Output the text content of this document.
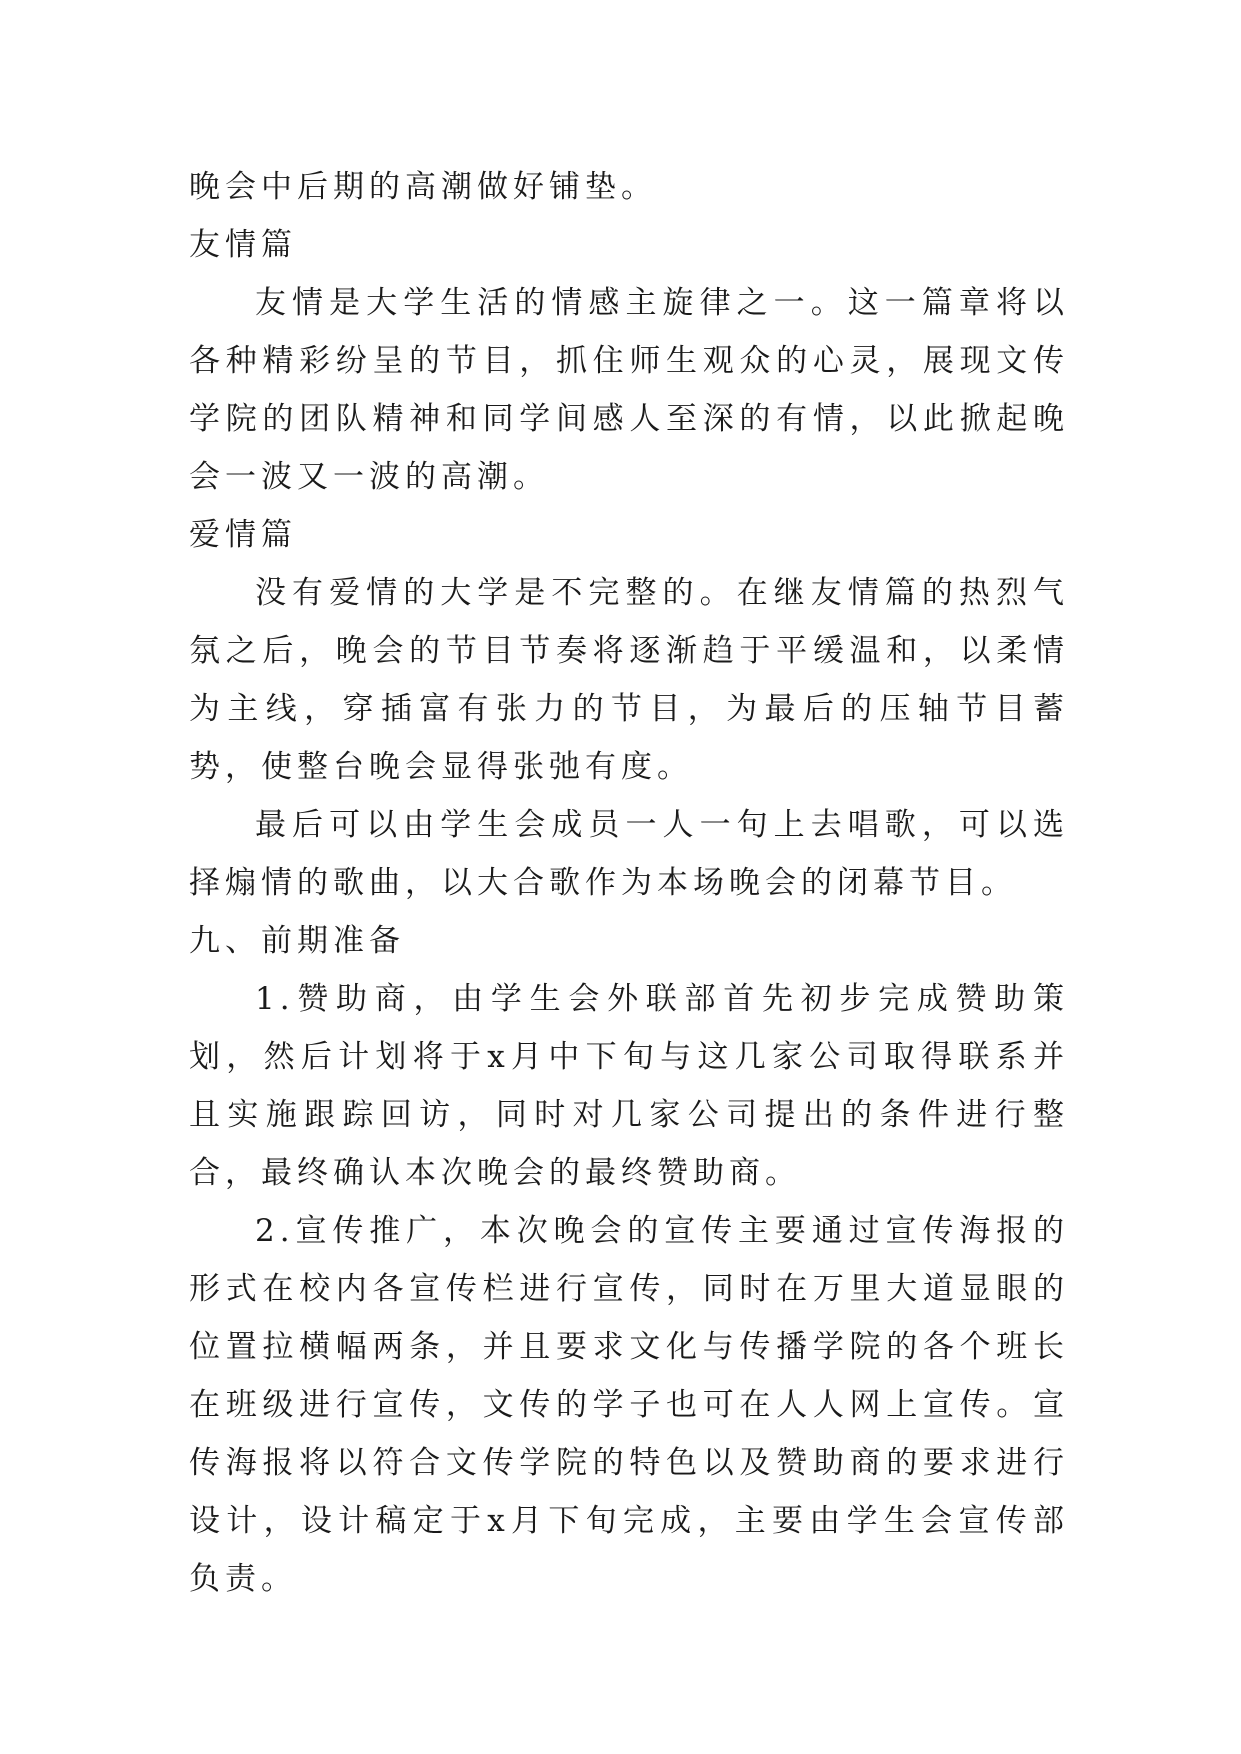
晚会中后期的高潮做好铺垫。

友情篇

友情是大学生活的情感主旋律之一。这一篇章将以各种精彩纷呈的节目，抓住师生观众的心灵，展现文传学院的团队精神和同学间感人至深的有情，以此掀起晚会一波又一波的高潮。

爱情篇

没有爱情的大学是不完整的。在继友情篇的热烈气氛之后，晚会的节目节奏将逐渐趋于平缓温和，以柔情为主线，穿插富有张力的节目，为最后的压轴节目蓄势，使整台晚会显得张弛有度。

最后可以由学生会成员一人一句上去唱歌，可以选择煽情的歌曲，以大合歌作为本场晚会的闭幕节目。

九、前期准备

1.赞助商，由学生会外联部首先初步完成赞助策划，然后计划将于x月中下旬与这几家公司取得联系并且实施跟踪回访，同时对几家公司提出的条件进行整合，最终确认本次晚会的最终赞助商。

2.宣传推广，本次晚会的宣传主要通过宣传海报的形式在校内各宣传栏进行宣传，同时在万里大道显眼的位置拉横幅两条，并且要求文化与传播学院的各个班长在班级进行宣传，文传的学子也可在人人网上宣传。宣传海报将以符合文传学院的特色以及赞助商的要求进行设计，设计稿定于x月下旬完成，主要由学生会宣传部负责。
